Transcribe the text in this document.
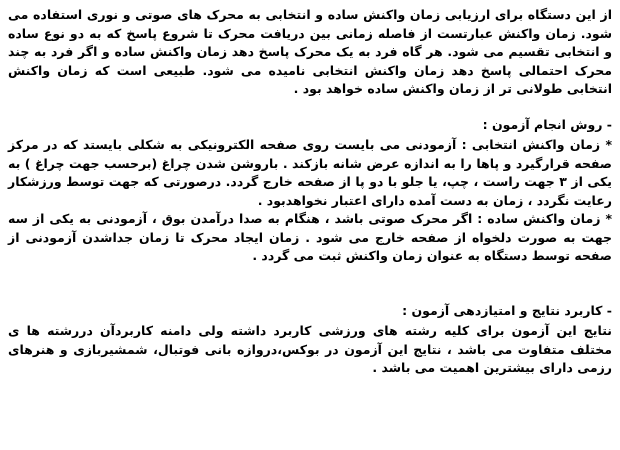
از این دستگاه برای ارزیابی زمان واکنش ساده و انتخابی به محرک های صوتی و نوری استفاده می شود. زمان واکنش عبارتست از فاصله زمانی بین دریافت محرک تا شروع پاسخ که به دو نوع ساده و انتخابی تقسیم می شود. هر گاه فرد به یک محرک پاسخ دهد زمان واکنش ساده و اگر فرد به چند محرک احتمالی پاسخ دهد زمان واکنش انتخابی نامیده می شود. طبیعی است که زمان واکنش انتخابی طولانی تر از زمان واکنش ساده خواهد بود .

- روش انجام آزمون :

* زمان واکنش انتخابی : آزمودنی می بایست روی صفحه الکترونیکی به شکلی بایستد که در مرکز صفحه قرارگیرد و پاها را به اندازه عرض شانه بازکند . باروشن شدن چراغ (برحسب جهت چراغ ) به یکی از ۳ جهت راست ، چپ، یا جلو با دو پا از صفحه خارج گردد. درصورتی که جهت توسط ورزشکار رعایت نگردد ، زمان به دست آمده دارای اعتبار نخواهدبود .
* زمان واکنش ساده : اگر محرک صوتی باشد ، هنگام به صدا درآمدن بوق ، آزمودنی به یکی از سه جهت به صورت دلخواه از صفحه خارج می شود . زمان ایجاد محرک تا زمان جداشدن آزمودنی از صفحه توسط دستگاه به عنوان زمان واکنش ثبت می گردد .

- کاربرد نتایج و امتیازدهی آزمون :

نتایج این آزمون برای کلیه رشته های ورزشی کاربرد داشته ولی دامنه کاربردآن دررشته ها ی مختلف متفاوت می باشد ، نتایج این آزمون در بوکس،دروازه بانی فوتبال، شمشیربازی و هنرهای رزمی دارای بیشترین اهمیت می باشد .
